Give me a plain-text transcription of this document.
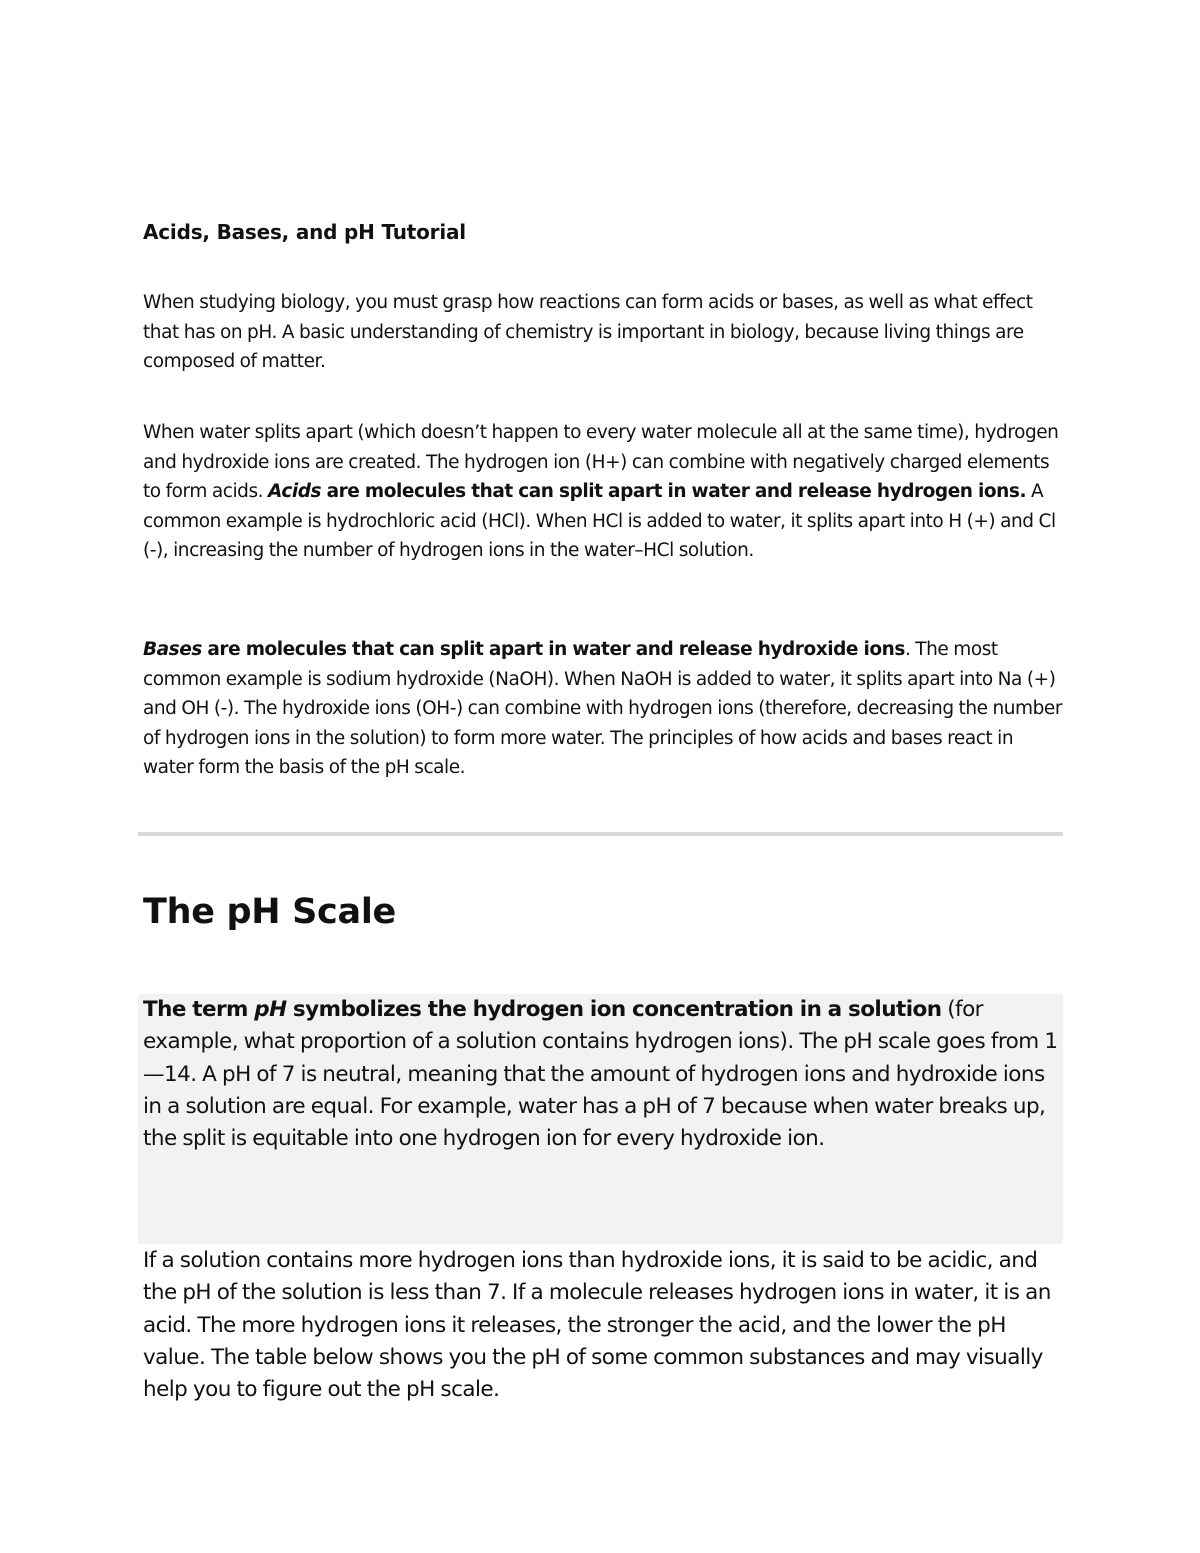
Acids, Bases, and pH Tutorial

When studying biology, you must grasp how reactions can form acids or bases, as well as what effect that has on pH. A basic understanding of chemistry is important in biology, because living things are composed of matter.

When water splits apart (which doesn’t happen to every water molecule all at the same time), hydrogen and hydroxide ions are created. The hydrogen ion (H+) can combine with negatively charged elements to form acids. Acids are molecules that can split apart in water and release hydrogen ions. A common example is hydrochloric acid (HCl). When HCl is added to water, it splits apart into H (+) and Cl (-), increasing the number of hydrogen ions in the water–HCl solution.

Bases are molecules that can split apart in water and release hydroxide ions. The most common example is sodium hydroxide (NaOH). When NaOH is added to water, it splits apart into Na (+) and OH (-). The hydroxide ions (OH-) can combine with hydrogen ions (therefore, decreasing the number of hydrogen ions in the solution) to form more water. The principles of how acids and bases react in water form the basis of the pH scale.

The pH Scale

The term pH symbolizes the hydrogen ion concentration in a solution (for example, what proportion of a solution contains hydrogen ions). The pH scale goes from 1—14. A pH of 7 is neutral, meaning that the amount of hydrogen ions and hydroxide ions in a solution are equal. For example, water has a pH of 7 because when water breaks up, the split is equitable into one hydrogen ion for every hydroxide ion.

If a solution contains more hydrogen ions than hydroxide ions, it is said to be acidic, and the pH of the solution is less than 7. If a molecule releases hydrogen ions in water, it is an acid. The more hydrogen ions it releases, the stronger the acid, and the lower the pH value. The table below shows you the pH of some common substances and may visually help you to figure out the pH scale.
